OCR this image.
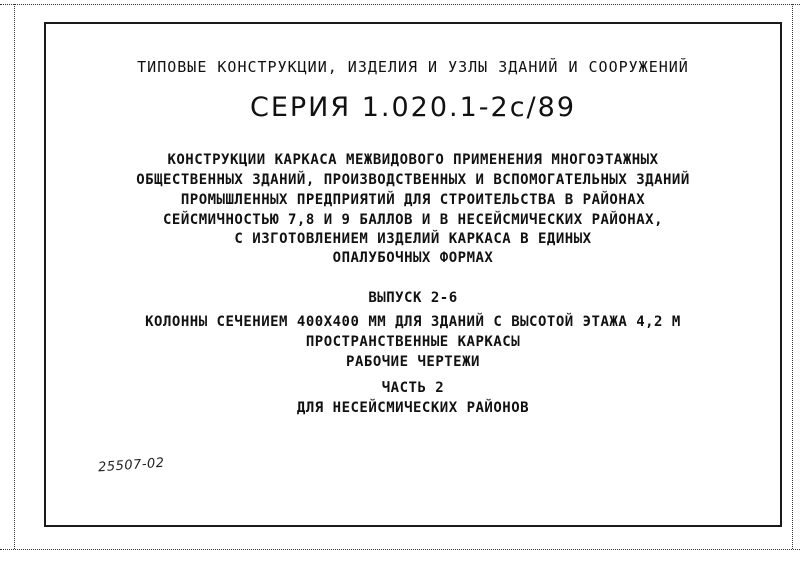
ТИПОВЫЕ КОНСТРУКЦИИ, ИЗДЕЛИЯ И УЗЛЫ ЗДАНИЙ И СООРУЖЕНИЙ
СЕРИЯ 1.020.1-2с/89
КОНСТРУКЦИИ КАРКАСА МЕЖВИДОВОГО ПРИМЕНЕНИЯ МНОГОЭТАЖНЫХ
ОБЩЕСТВЕННЫХ ЗДАНИЙ, ПРОИЗВОДСТВЕННЫХ И ВСПОМОГАТЕЛЬНЫХ ЗДАНИЙ
ПРОМЫШЛЕННЫХ ПРЕДПРИЯТИЙ ДЛЯ СТРОИТЕЛЬСТВА В РАЙОНАХ
СЕЙСМИЧНОСТЬЮ 7,8 И 9 БАЛЛОВ И В НЕСЕЙСМИЧЕСКИХ РАЙОНАХ,
С ИЗГОТОВЛЕНИЕМ ИЗДЕЛИЙ КАРКАСА В ЕДИНЫХ
ОПАЛУБОЧНЫХ ФОРМАХ
ВЫПУСК 2-6
КОЛОННЫ СЕЧЕНИЕМ 400Х400 ММ ДЛЯ ЗДАНИЙ С ВЫСОТОЙ ЭТАЖА 4,2 М
ПРОСТРАНСТВЕННЫЕ КАРКАСЫ
РАБОЧИЕ ЧЕРТЕЖИ
ЧАСТЬ 2
ДЛЯ НЕСЕЙСМИЧЕСКИХ РАЙОНОВ
25507-02
